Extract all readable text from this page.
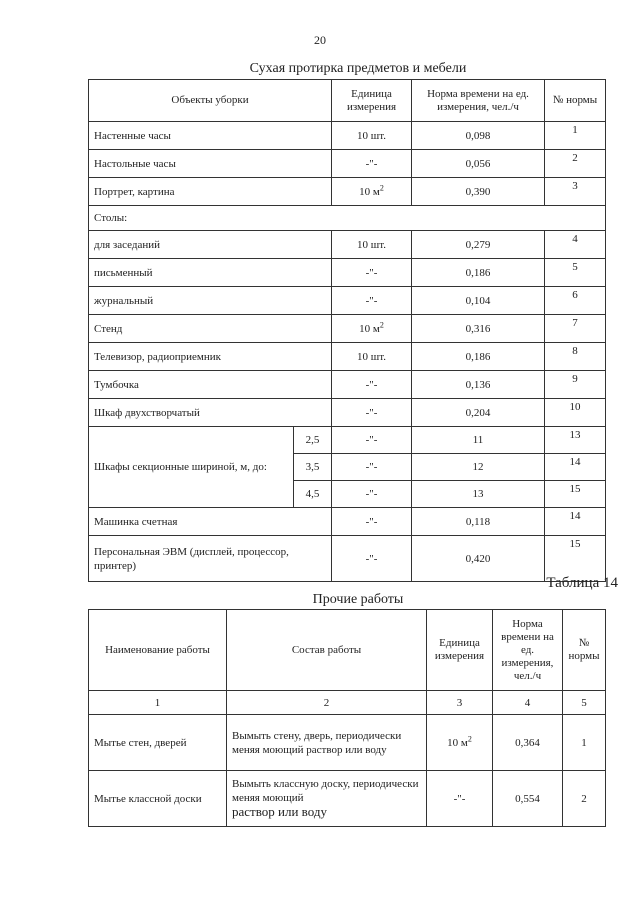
20
Сухая протирка предметов и мебели
Объекты уборки		Единица измерения	Норма времени на ед. измерения, чел./ч	№ нормы
Настенные часы		10 шт.	0,098	1
Настольные часы		-"-	0,056	2
Портрет, картина		10 $м^2$	0,390	3
Столы:				
для заседаний		10 шт.	0,279	4
письменный		-"-	0,186	5
журнальный		-"-	0,104	6
Стенд		10 $м^2$	0,316	7
Телевизор, радиоприемник		10 шт.	0,186	8
Тумбочка		-"-	0,136	9
Шкаф двухстворчатый		-"-	0,204	10
Шкафы секционные шириной, м, до:	2,5	-"-	11	13
	3,5	-"-	12	14
	4,5	-"-	13	15
Машинка счетная		-"-	0,118	14
Персональная ЭВМ (дисплей, процессор, принтер)		-"-	0,420	15
Таблица 14
Прочие работы
Наименование работы	Состав работы	Единица измерения	Норма времени на ед. измерения, чел./ч	№ нормы
1	2	3	4	5
Мытье стен, дверей	Вымыть стену, дверь, периодически меняя моющий раствор или воду	10 $м^2$	0,364	1
Мытье классной доски	Вымыть классную доску, периодически меняя моющий
раствор или воду	-"-	0,554	2
